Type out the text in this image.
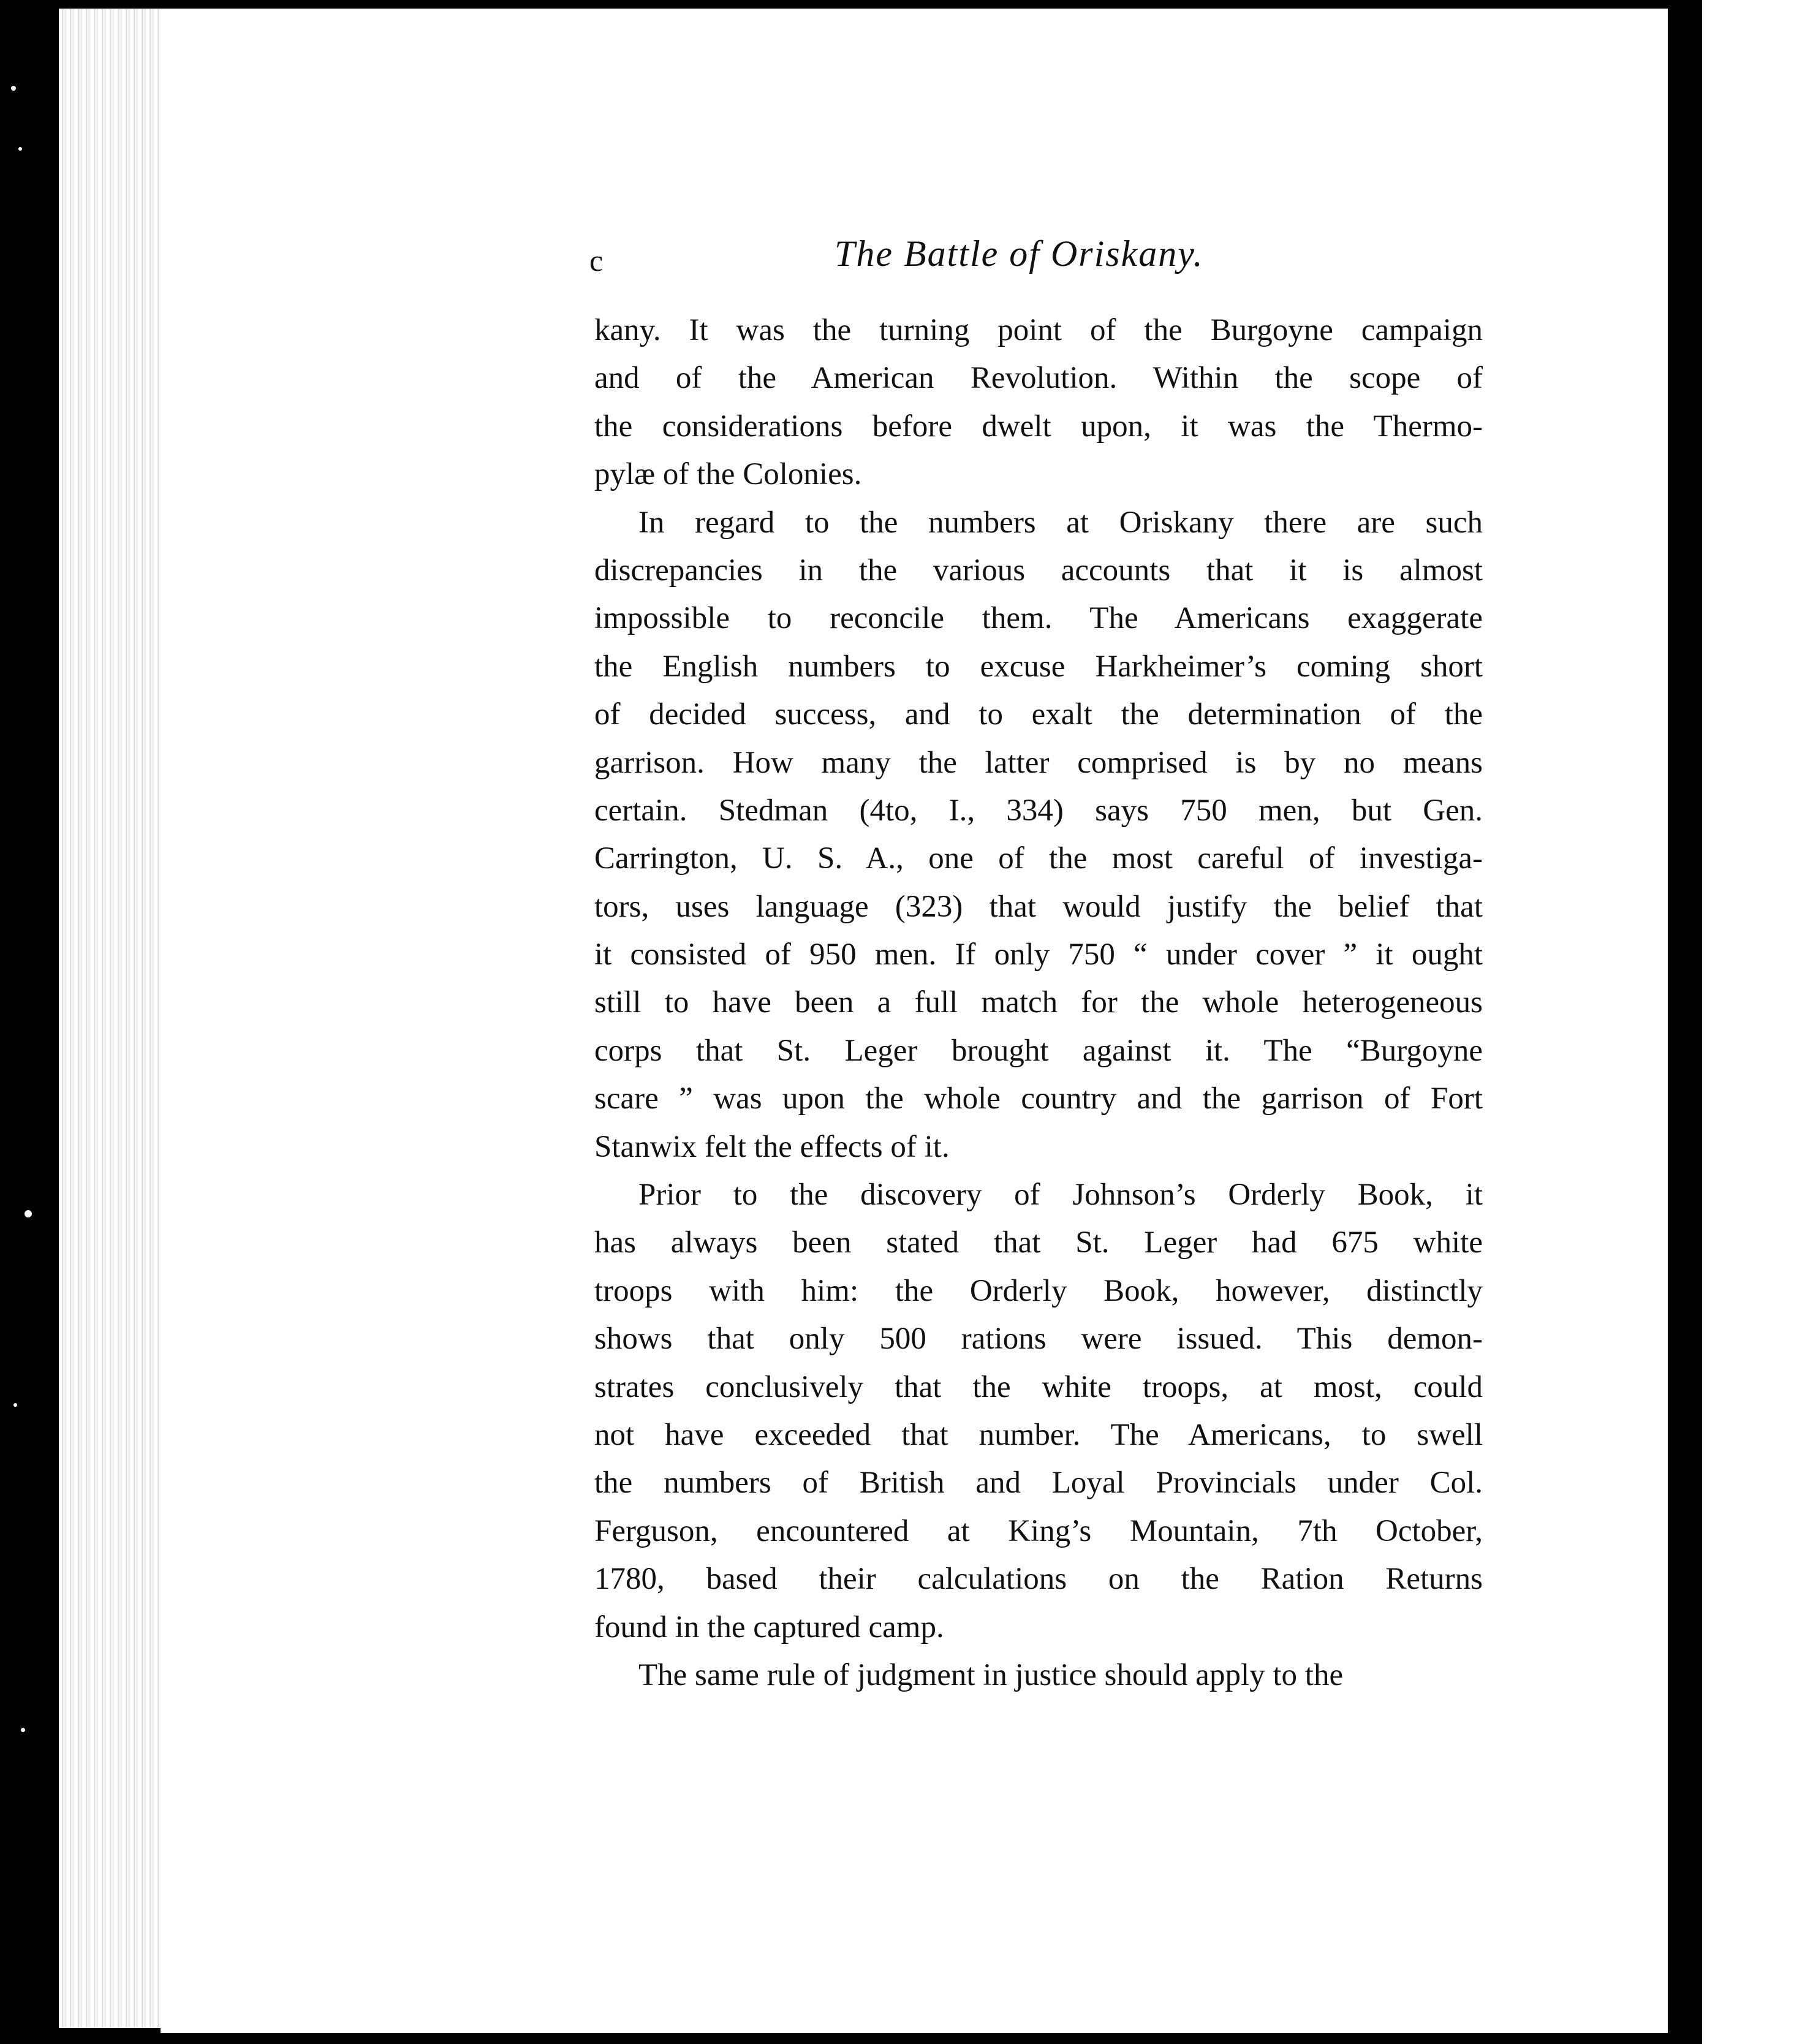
c	The Battle of Oriskany.
kany. It was the turning point of the Burgoyne campaign
and of the American Revolution. Within the scope of
the considerations before dwelt upon, it was the Thermo-
pylæ of the Colonies.
In regard to the numbers at Oriskany there are such
discrepancies in the various accounts that it is almost
impossible to reconcile them. The Americans exaggerate
the English numbers to excuse Harkheimer’s coming short
of decided success, and to exalt the determination of the
garrison. How many the latter comprised is by no means
certain. Stedman (4to, I., 334) says 750 men, but Gen.
Carrington, U. S. A., one of the most careful of investiga-
tors, uses language (323) that would justify the belief that
it consisted of 950 men. If only 750 “ under cover ” it ought
still to have been a full match for the whole heterogeneous
corps that St. Leger brought against it. The “Burgoyne
scare ” was upon the whole country and the garrison of Fort
Stanwix felt the effects of it.
Prior to the discovery of Johnson’s Orderly Book, it
has always been stated that St. Leger had 675 white
troops with him: the Orderly Book, however, distinctly
shows that only 500 rations were issued. This demon-
strates conclusively that the white troops, at most, could
not have exceeded that number. The Americans, to swell
the numbers of British and Loyal Provincials under Col.
Ferguson, encountered at King’s Mountain, 7th October,
1780, based their calculations on the Ration Returns
found in the captured camp.
The same rule of judgment in justice should apply to the
